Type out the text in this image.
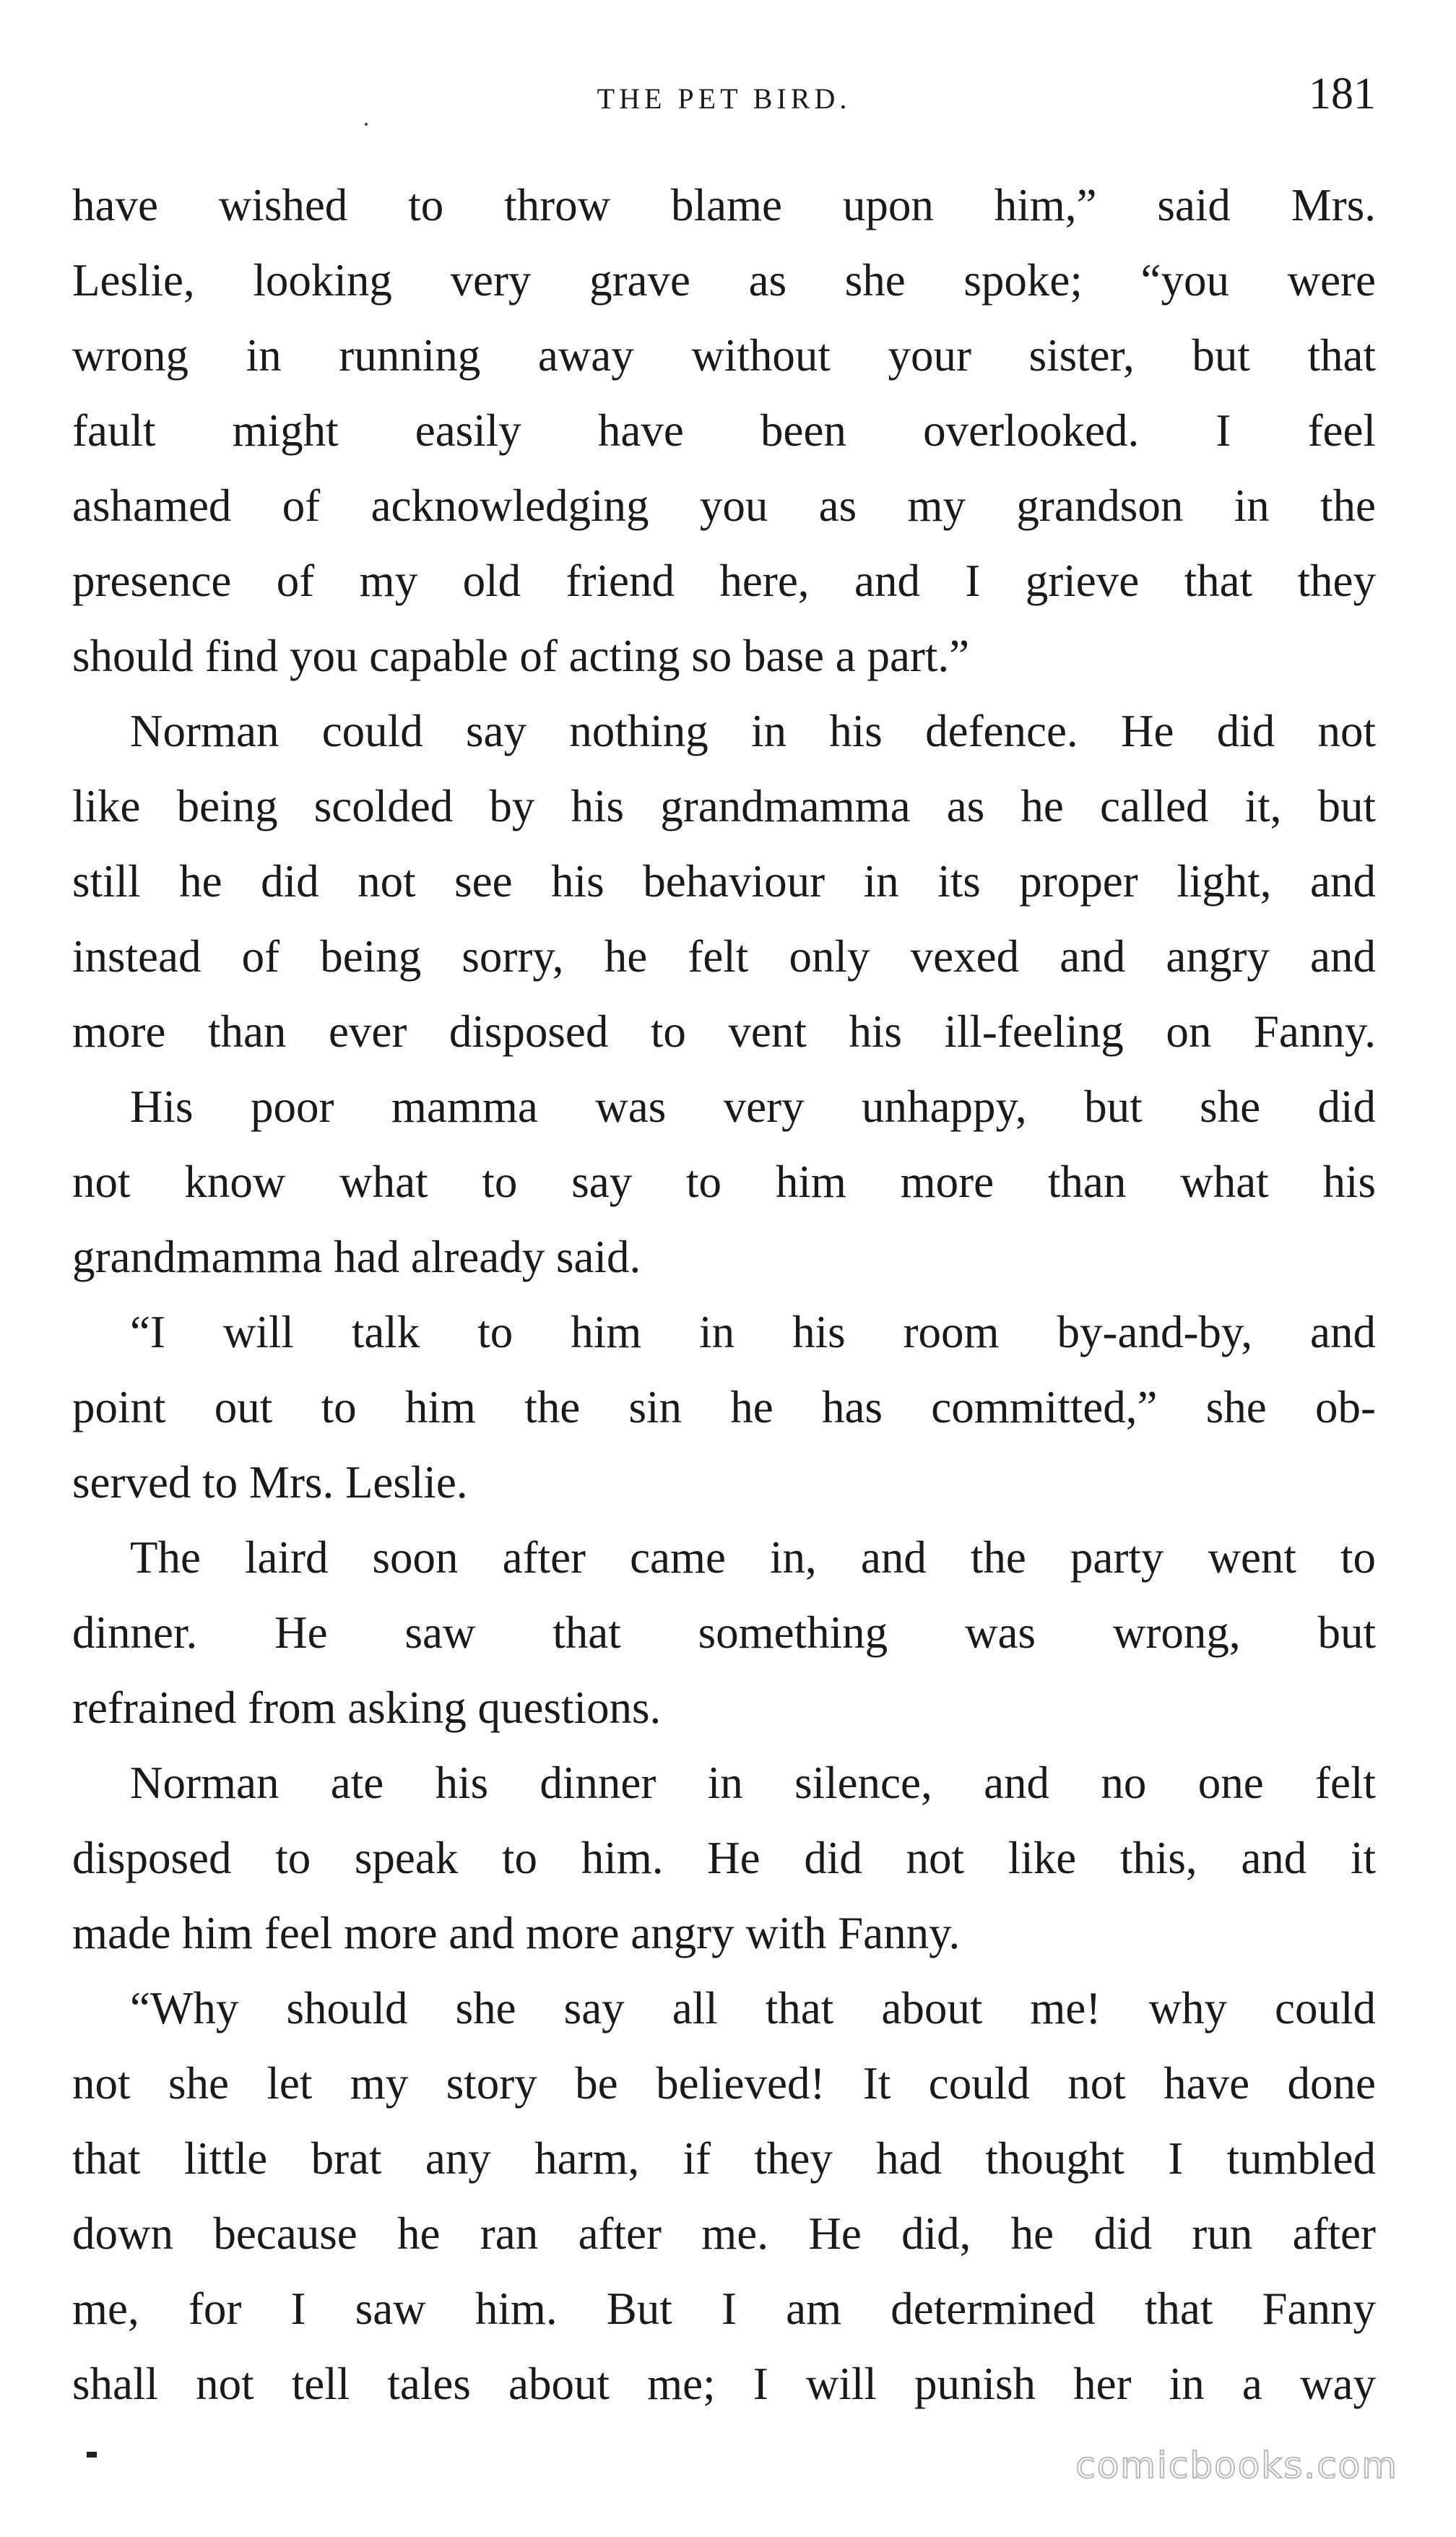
THE PET BIRD.	181

have wished to throw blame upon him,” said Mrs.

Leslie, looking very grave as she spoke; “you were

wrong in running away without your sister, but that

fault might easily have been overlooked. I feel

ashamed of acknowledging you as my grandson in the

presence of my old friend here, and I grieve that they

should find you capable of acting so base a part.”

Norman could say nothing in his defence. He did not

like being scolded by his grandmamma as he called it, but

still he did not see his behaviour in its proper light, and

instead of being sorry, he felt only vexed and angry and

more than ever disposed to vent his ill-feeling on Fanny.

His poor mamma was very unhappy, but she did

not know what to say to him more than what his

grandmamma had already said.

“I will talk to him in his room by-and-by, and

point out to him the sin he has committed,” she ob-

served to Mrs. Leslie.

The laird soon after came in, and the party went to

dinner. He saw that something was wrong, but

refrained from asking questions.

Norman ate his dinner in silence, and no one felt

disposed to speak to him. He did not like this, and it

made him feel more and more angry with Fanny.

“Why should she say all that about me! why could

not she let my story be believed! It could not have done

that little brat any harm, if they had thought I tumbled

down because he ran after me. He did, he did run after

me, for I saw him. But I am determined that Fanny

shall not tell tales about me; I will punish her in a way

comicbooks.com
